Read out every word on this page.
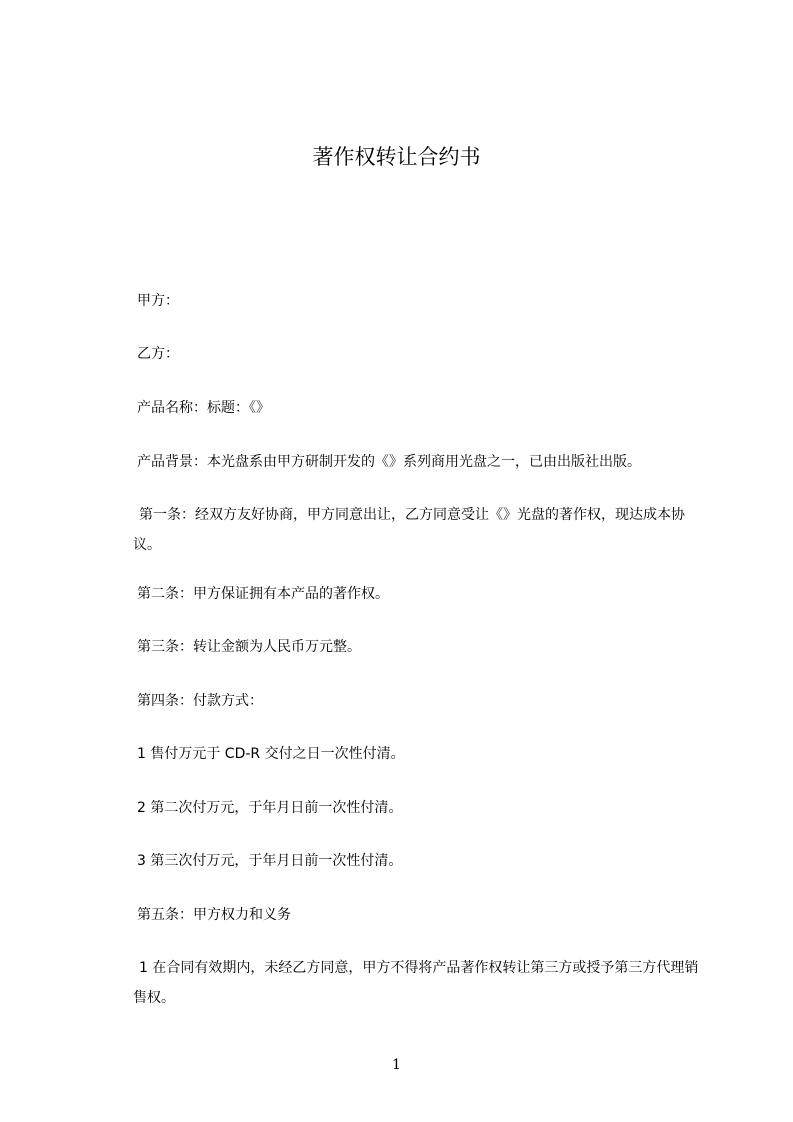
著作权转让合约书
甲方：
乙方：
产品名称：标题：《》
产品背景：本光盘系由甲方研制开发的《》系列商用光盘之一，已由出版社出版。
第一条：经双方友好协商，甲方同意出让，乙方同意受让《》光盘的著作权，现达成本协议。
第二条：甲方保证拥有本产品的著作权。
第三条：转让金额为人民币万元整。
第四条：付款方式：
1 售付万元于 CD-R 交付之日一次性付清。
2 第二次付万元，于年月日前一次性付清。
3 第三次付万元，于年月日前一次性付清。
第五条：甲方权力和义务
1 在合同有效期内，未经乙方同意，甲方不得将产品著作权转让第三方或授予第三方代理销售权。
1
